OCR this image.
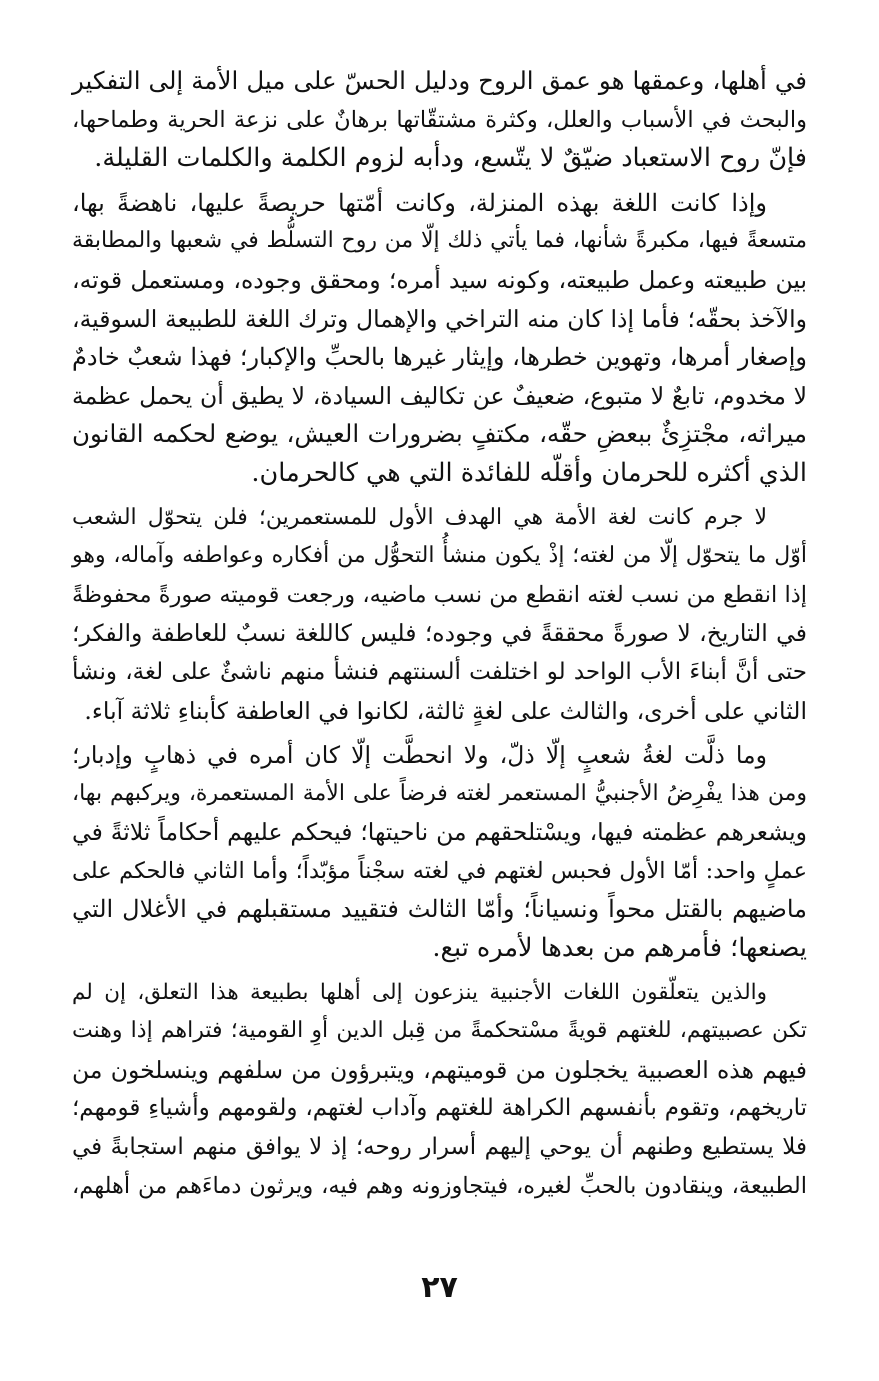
في أهلها، وعمقها هو عمق الروح ودليل الحسّ على ميل الأمة إلى التفكير
والبحث في الأسباب والعلل، وكثرة مشتقّاتها برهانٌ على نزعة الحرية وطماحها،
فإنّ روح الاستعباد ضيّقٌ لا يتّسع، ودأبه لزوم الكلمة والكلمات القليلة.

وإذا كانت اللغة بهذه المنزلة، وكانت أمّتها حريصةً عليها، ناهضةً بها،
متسعةً فيها، مكبرةً شأنها، فما يأتي ذلك إلّا من روح التسلُّط في شعبها والمطابقة
بين طبيعته وعمل طبيعته، وكونه سيد أمره؛ ومحقق وجوده، ومستعمل قوته،
والآخذ بحقّه؛ فأما إذا كان منه التراخي والإهمال وترك اللغة للطبيعة السوقية،
وإصغار أمرها، وتهوين خطرها، وإيثار غيرها بالحبِّ والإكبار؛ فهذا شعبٌ خادمٌ
لا مخدوم، تابعٌ لا متبوع، ضعيفٌ عن تكاليف السيادة، لا يطيق أن يحمل عظمة
ميراثه، مجْتزِئٌ ببعضِ حقّه، مكتفٍ بضرورات العيش، يوضع لحكمه القانون
الذي أكثره للحرمان وأقلّه للفائدة التي هي كالحرمان.

لا جرم كانت لغة الأمة هي الهدف الأول للمستعمرين؛ فلن يتحوّل الشعب
أوّل ما يتحوّل إلّا من لغته؛ إذْ يكون منشأُ التحوُّل من أفكاره وعواطفه وآماله، وهو
إذا انقطع من نسب لغته انقطع من نسب ماضيه، ورجعت قوميته صورةً محفوظةً
في التاريخ، لا صورةً محققةً في وجوده؛ فليس كاللغة نسبٌ للعاطفة والفكر؛
حتى أنَّ أبناءَ الأب الواحد لو اختلفت ألسنتهم فنشأ منهم ناشئٌ على لغة، ونشأ
الثاني على أخرى، والثالث على لغةٍ ثالثة، لكانوا في العاطفة كأبناءِ ثلاثة آباء.

وما ذلَّت لغةُ شعبٍ إلّا ذلّ، ولا انحطَّت إلّا كان أمره في ذهابٍ وإدبار؛
ومن هذا يفْرِضُ الأجنبيُّ المستعمر لغته فرضاً على الأمة المستعمرة، ويركبهم بها،
ويشعرهم عظمته فيها، ويسْتلحقهم من ناحيتها؛ فيحكم عليهم أحكاماً ثلاثةً في
عملٍ واحد: أمّا الأول فحبس لغتهم في لغته سجْناً مؤبّداً؛ وأما الثاني فالحكم على
ماضيهم بالقتل محواً ونسياناً؛ وأمّا الثالث فتقييد مستقبلهم في الأغلال التي
يصنعها؛ فأمرهم من بعدها لأمره تبع.

والذين يتعلّقون اللغات الأجنبية ينزعون إلى أهلها بطبيعة هذا التعلق، إن لم
تكن عصبيتهم، للغتهم قويةً مسْتحكمةً من قِبل الدين أوِ القومية؛ فتراهم إذا وهنت
فيهم هذه العصبية يخجلون من قوميتهم، ويتبرؤون من سلفهم وينسلخون من
تاريخهم، وتقوم بأنفسهم الكراهة للغتهم وآداب لغتهم، ولقومهم وأشياءِ قومهم؛
فلا يستطيع وطنهم أن يوحي إليهم أسرار روحه؛ إذ لا يوافق منهم استجابةً في
الطبيعة، وينقادون بالحبِّ لغيره، فيتجاوزونه وهم فيه، ويرثون دماءَهم من أهلهم،

٢٧
